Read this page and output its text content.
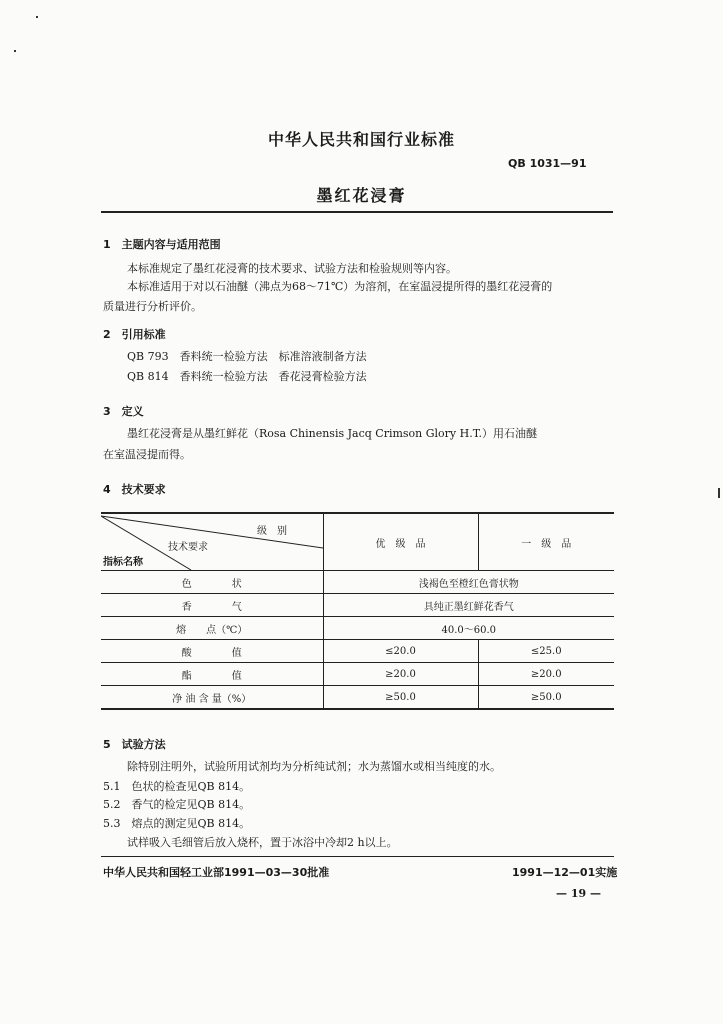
中华人民共和国行业标准
QB 1031—91
墨红花浸膏
1　主题内容与适用范围
本标准规定了墨红花浸膏的技术要求、试验方法和检验规则等内容。
本标准适用于对以石油醚（沸点为68～71℃）为溶剂，在室温浸提所得的墨红花浸膏的
质量进行分析评价。
2　引用标准
QB 793　香料统一检验方法　标准溶液制备方法
QB 814　香料统一检验方法　香花浸膏检验方法
3　定义
墨红花浸膏是从墨红鲜花（Rosa Chinensis Jacq Crimson Glory H.T.）用石油醚
在室温浸提而得。
4　技术要求
级　别
技术要求
指标名称	优　级　品	一　级　品
色　　　　状	浅褐色至橙红色膏状物	
香　　　　气	具纯正墨红鲜花香气	
熔　　点（℃）	40.0～60.0	
酸　　　　值	≤20.0	≤25.0
酯　　　　值	≥20.0	≥20.0
净 油 含 量（%）	≥50.0	≥50.0
5　试验方法
除特别注明外，试验所用试剂均为分析纯试剂；水为蒸馏水或相当纯度的水。
5.1　色状的检查见QB 814。
5.2　香气的检定见QB 814。
5.3　熔点的测定见QB 814。
试样吸入毛细管后放入烧杯，置于冰浴中冷却2 h以上。
中华人民共和国轻工业部1991—03—30批准	1991—12—01实施
— 19 —
